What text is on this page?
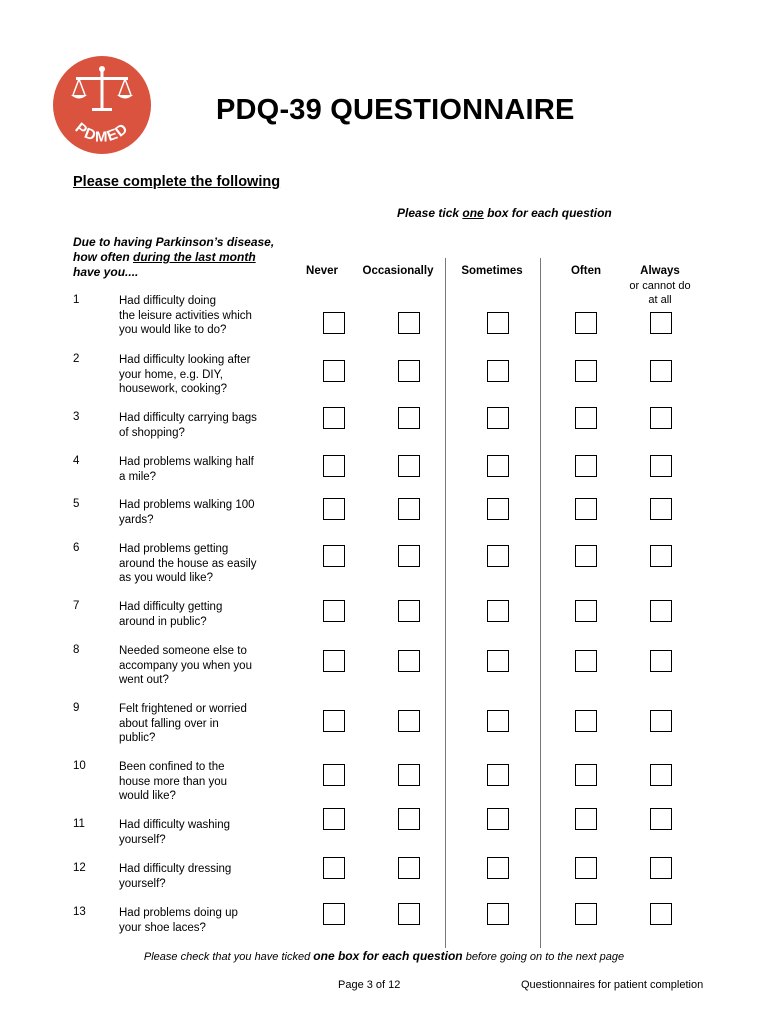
PDMED
PDQ-39 QUESTIONNAIRE
Please complete the following
Please tick one box for each question
Due to having Parkinson’s disease,
how often during the last month
have you....	Never Occasionally Sometimes	Often	Always
or cannot do
at all
1	Had difficulty doing
the leisure activities which
you would like to do?
2	Had difficulty looking after
your home, e.g. DIY,
housework, cooking?
3	Had difficulty carrying bags
of shopping?
4	Had problems walking half
a mile?
5	Had problems walking 100
yards?
6	Had problems getting
around the house as easily
as you would like?
7	Had difficulty getting
around in public?
8	Needed someone else to
accompany you when you
went out?
9	Felt frightened or worried
about falling over in
public?
10	Been confined to the
house more than you
would like?
11	Had difficulty washing
yourself?
12	Had difficulty dressing
yourself?
13	Had problems doing up
your shoe laces?
Please check that you have ticked one box for each question before going on to the next page
Page 3 of 12	Questionnaires for patient completion
